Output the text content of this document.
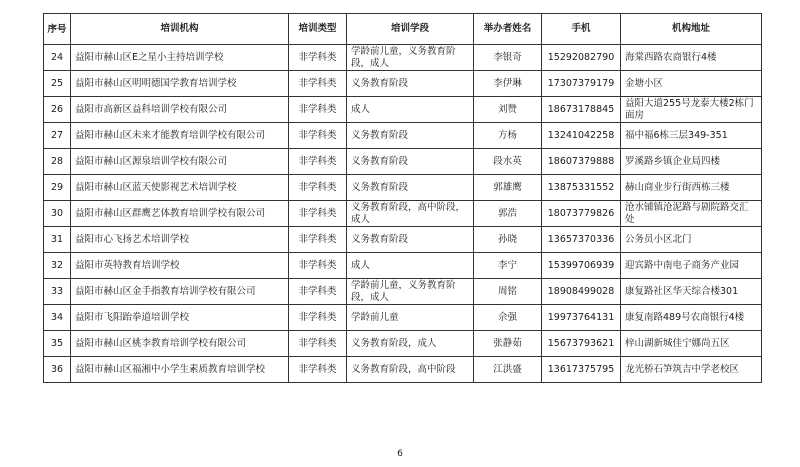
序号	培训机构	培训类型	培训学段	举办者姓名	手机	机构地址
24	益阳市赫山区E之星小主持培训学校	非学科类	学龄前儿童，义务教育阶段，成人	李银奇	15292082790	海棠西路农商银行4楼
25	益阳市赫山区明明德国学教育培训学校	非学科类	义务教育阶段	李伊琳	17307379179	金塘小区
26	益阳市高新区益科培训学校有限公司	非学科类	成人	刘赞	18673178845	益阳大道255号龙泰大楼2栋门面房
27	益阳市赫山区未来才能教育培训学校有限公司	非学科类	义务教育阶段	方杨	13241042258	福中福6栋三层349-351
28	益阳市赫山区源泉培训学校有限公司	非学科类	义务教育阶段	段水英	18607379888	罗溪路乡镇企业局四楼
29	益阳市赫山区蓝天使影视艺术培训学校	非学科类	义务教育阶段	郭雄鹰	13875331552	赫山商业步行街西栋三楼
30	益阳市赫山区群鹰艺体教育培训学校有限公司	非学科类	义务教育阶段，高中阶段，成人	郭浩	18073779826	沧水铺镇沧泥路与剧院路交汇处
31	益阳市心飞扬艺术培训学校	非学科类	义务教育阶段	孙晓	13657370336	公务员小区北门
32	益阳市英特教育培训学校	非学科类	成人	李宁	15399706939	迎宾路中南电子商务产业园
33	益阳市赫山区金手指教育培训学校有限公司	非学科类	学龄前儿童，义务教育阶段，成人	周铭	18908499028	康复路社区华天综合楼301
34	益阳市飞阳跆拳道培训学校	非学科类	学龄前儿童	佘强	19973764131	康复南路489号农商银行4楼
35	益阳市赫山区桃李教育培训学校有限公司	非学科类	义务教育阶段，成人	张静茹	15673793621	梓山湖新城佳宁娜尚五区
36	益阳市赫山区福湘中小学生素质教育培训学校	非学科类	义务教育阶段，高中阶段	江洪盛	13617375795	龙光桥石笋筑吉中学老校区
6
